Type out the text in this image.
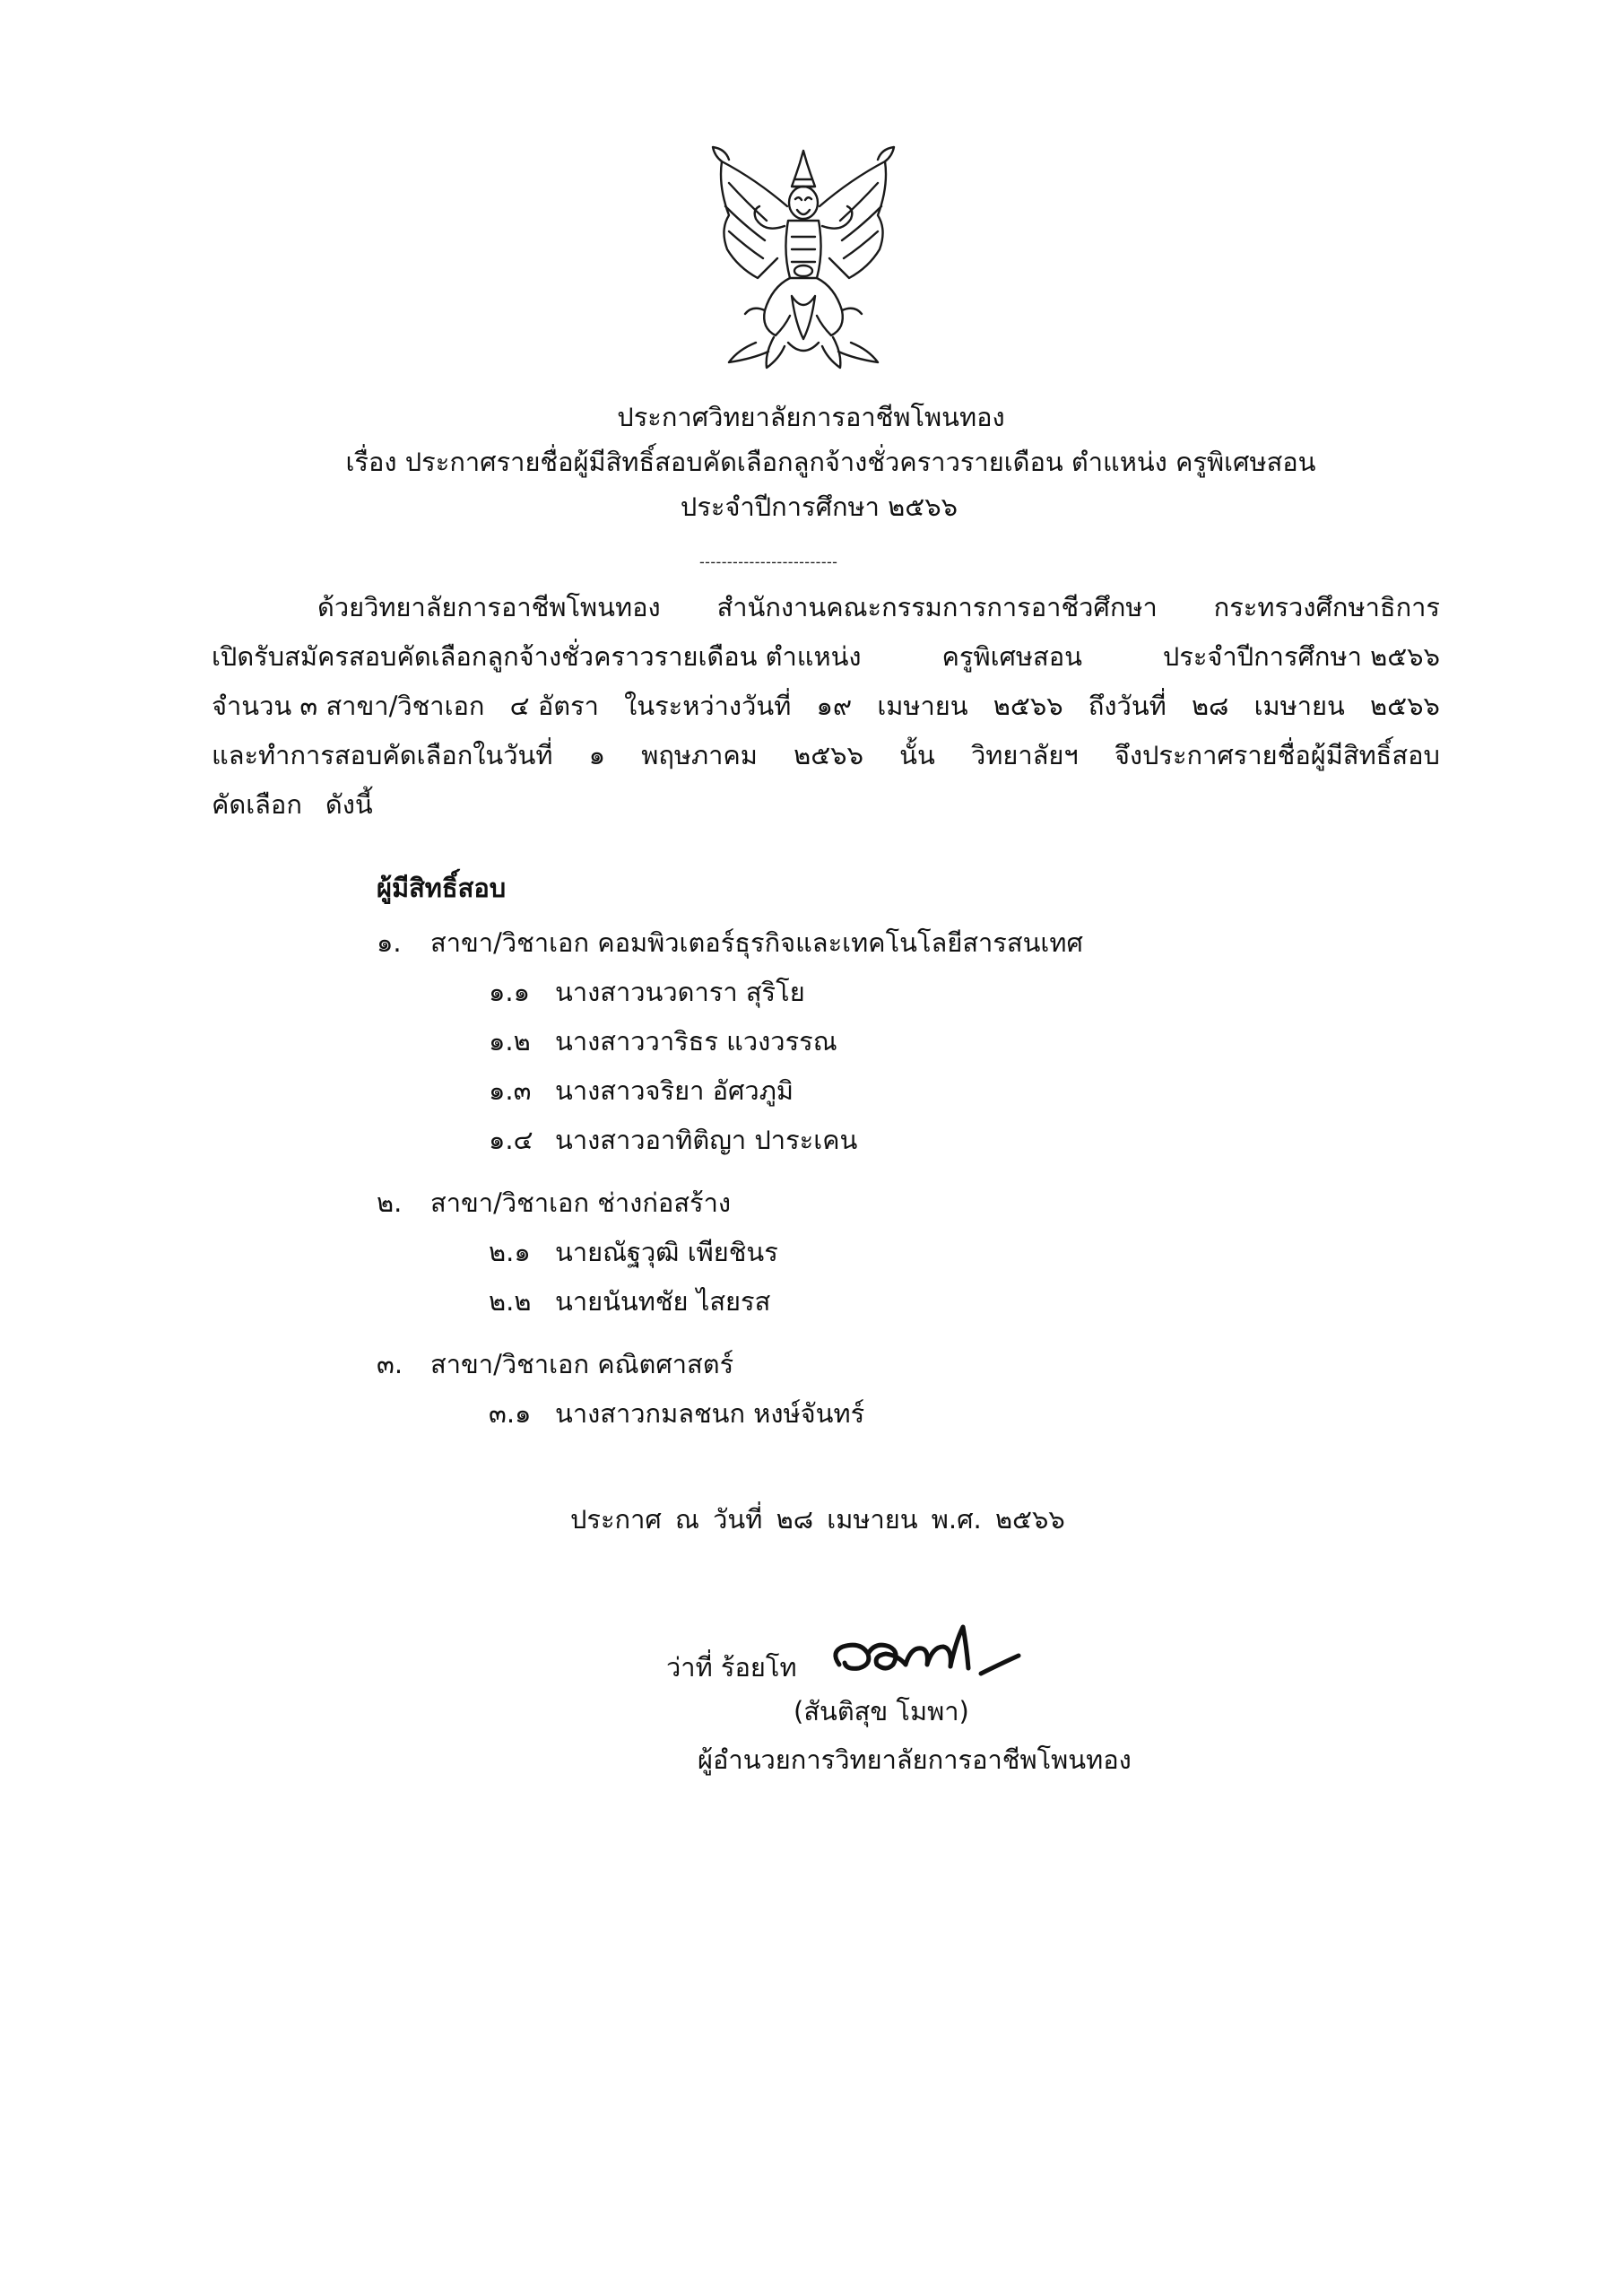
ประกาศวิทยาลัยการอาชีพโพนทอง
เรื่อง ประกาศรายชื่อผู้มีสิทธิ์สอบคัดเลือกลูกจ้างชั่วคราวรายเดือน ตำแหน่ง ครูพิเศษสอน
ประจำปีการศึกษา ๒๕๖๖
-------------------------
ด้วยวิทยาลัยการอาชีพโพนทอง สำนักงานคณะกรรมการการอาชีวศึกษา กระทรวงศึกษาธิการ
เปิดรับสมัครสอบคัดเลือกลูกจ้างชั่วคราวรายเดือน ตำแหน่ง	ครูพิเศษสอน	ประจำปีการศึกษา ๒๕๖๖
จำนวน ๓ สาขา/วิชาเอก ๔ อัตรา ในระหว่างวันที่ ๑๙ เมษายน ๒๕๖๖ ถึงวันที่ ๒๘ เมษายน ๒๕๖๖
และทำการสอบคัดเลือกในวันที่ ๑ พฤษภาคม ๒๕๖๖ นั้น วิทยาลัยฯ จึงประกาศรายชื่อผู้มีสิทธิ์สอบ
คัดเลือก ดังนี้
ผู้มีสิทธิ์สอบ
๑. สาขา/วิชาเอก คอมพิวเตอร์ธุรกิจและเทคโนโลยีสารสนเทศ
๑.๑ นางสาวนวดารา สุริโย
๑.๒ นางสาววาริธร แวงวรรณ
๑.๓ นางสาวจริยา อัศวภูมิ
๑.๔ นางสาวอาทิติญา ปาระเคน
๒. สาขา/วิชาเอก ช่างก่อสร้าง
๒.๑ นายณัฐวุฒิ เพียชินร
๒.๒ นายนันทชัย ไสยรส
๓. สาขา/วิชาเอก คณิตศาสตร์
๓.๑ นางสาวกมลชนก หงษ์จันทร์
ประกาศ ณ วันที่ ๒๘ เมษายน พ.ศ. ๒๕๖๖
ว่าที่ ร้อยโท
(สันติสุข โมพา)
ผู้อำนวยการวิทยาลัยการอาชีพโพนทอง
